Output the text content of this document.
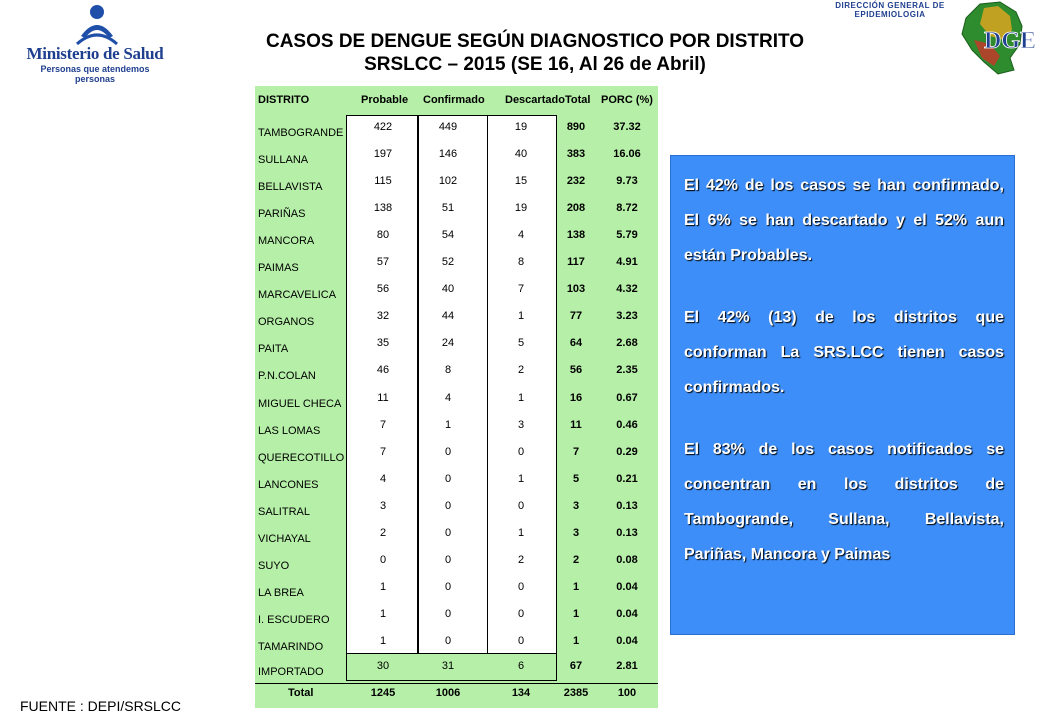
Ministerio de Salud
Personas que atendemos personas
CASOS DE DENGUE SEGÚN DIAGNOSTICO POR DISTRITO
SRSLCC – 2015 (SE 16, Al 26 de Abril)
DIRECCIÓN GENERAL DE
EPIDEMIOLOGIA
DGE
DISTRITO	Probable Confirmado Descartado Total PORC (%)
TAMBOGRANDE	422	449	19	890	37.32
SULLANA	197	146	40	383	16.06
BELLAVISTA	115	102	15	232	9.73
PARIÑAS	138	51	19	208	8.72
MANCORA	80	54	4	138	5.79
PAIMAS	57	52	8	117	4.91
MARCAVELICA	56	40	7	103	4.32
ORGANOS	32	44	1	77	3.23
PAITA	35	24	5	64	2.68
P.N.COLAN	46	8	2	56	2.35
MIGUEL CHECA	11	4	1	16	0.67
LAS LOMAS	7	1	3	11	0.46
QUERECOTILLO	7	0	0	7	0.29
LANCONES	4	0	1	5	0.21
SALITRAL	3	0	0	3	0.13
VICHAYAL	2	0	1	3	0.13
SUYO	0	0	2	2	0.08
LA BREA	1	0	0	1	0.04
I. ESCUDERO	1	0	0	1	0.04
TAMARINDO	1	0	0	1	0.04
IMPORTADO	30	31	6	67	2.81
Total	1245	1006	134	2385	100

El 42% de los casos se han confirmado, El 6% se han descartado y el 52% aun están Probables.

El 42% (13) de los distritos que conforman La SRS.LCC tienen casos confirmados.

El 83% de los casos notificados se concentran en los distritos de Tambogrande, Sullana, Bellavista, Pariñas, Mancora y Paimas

FUENTE : DEPI/SRSLCC
